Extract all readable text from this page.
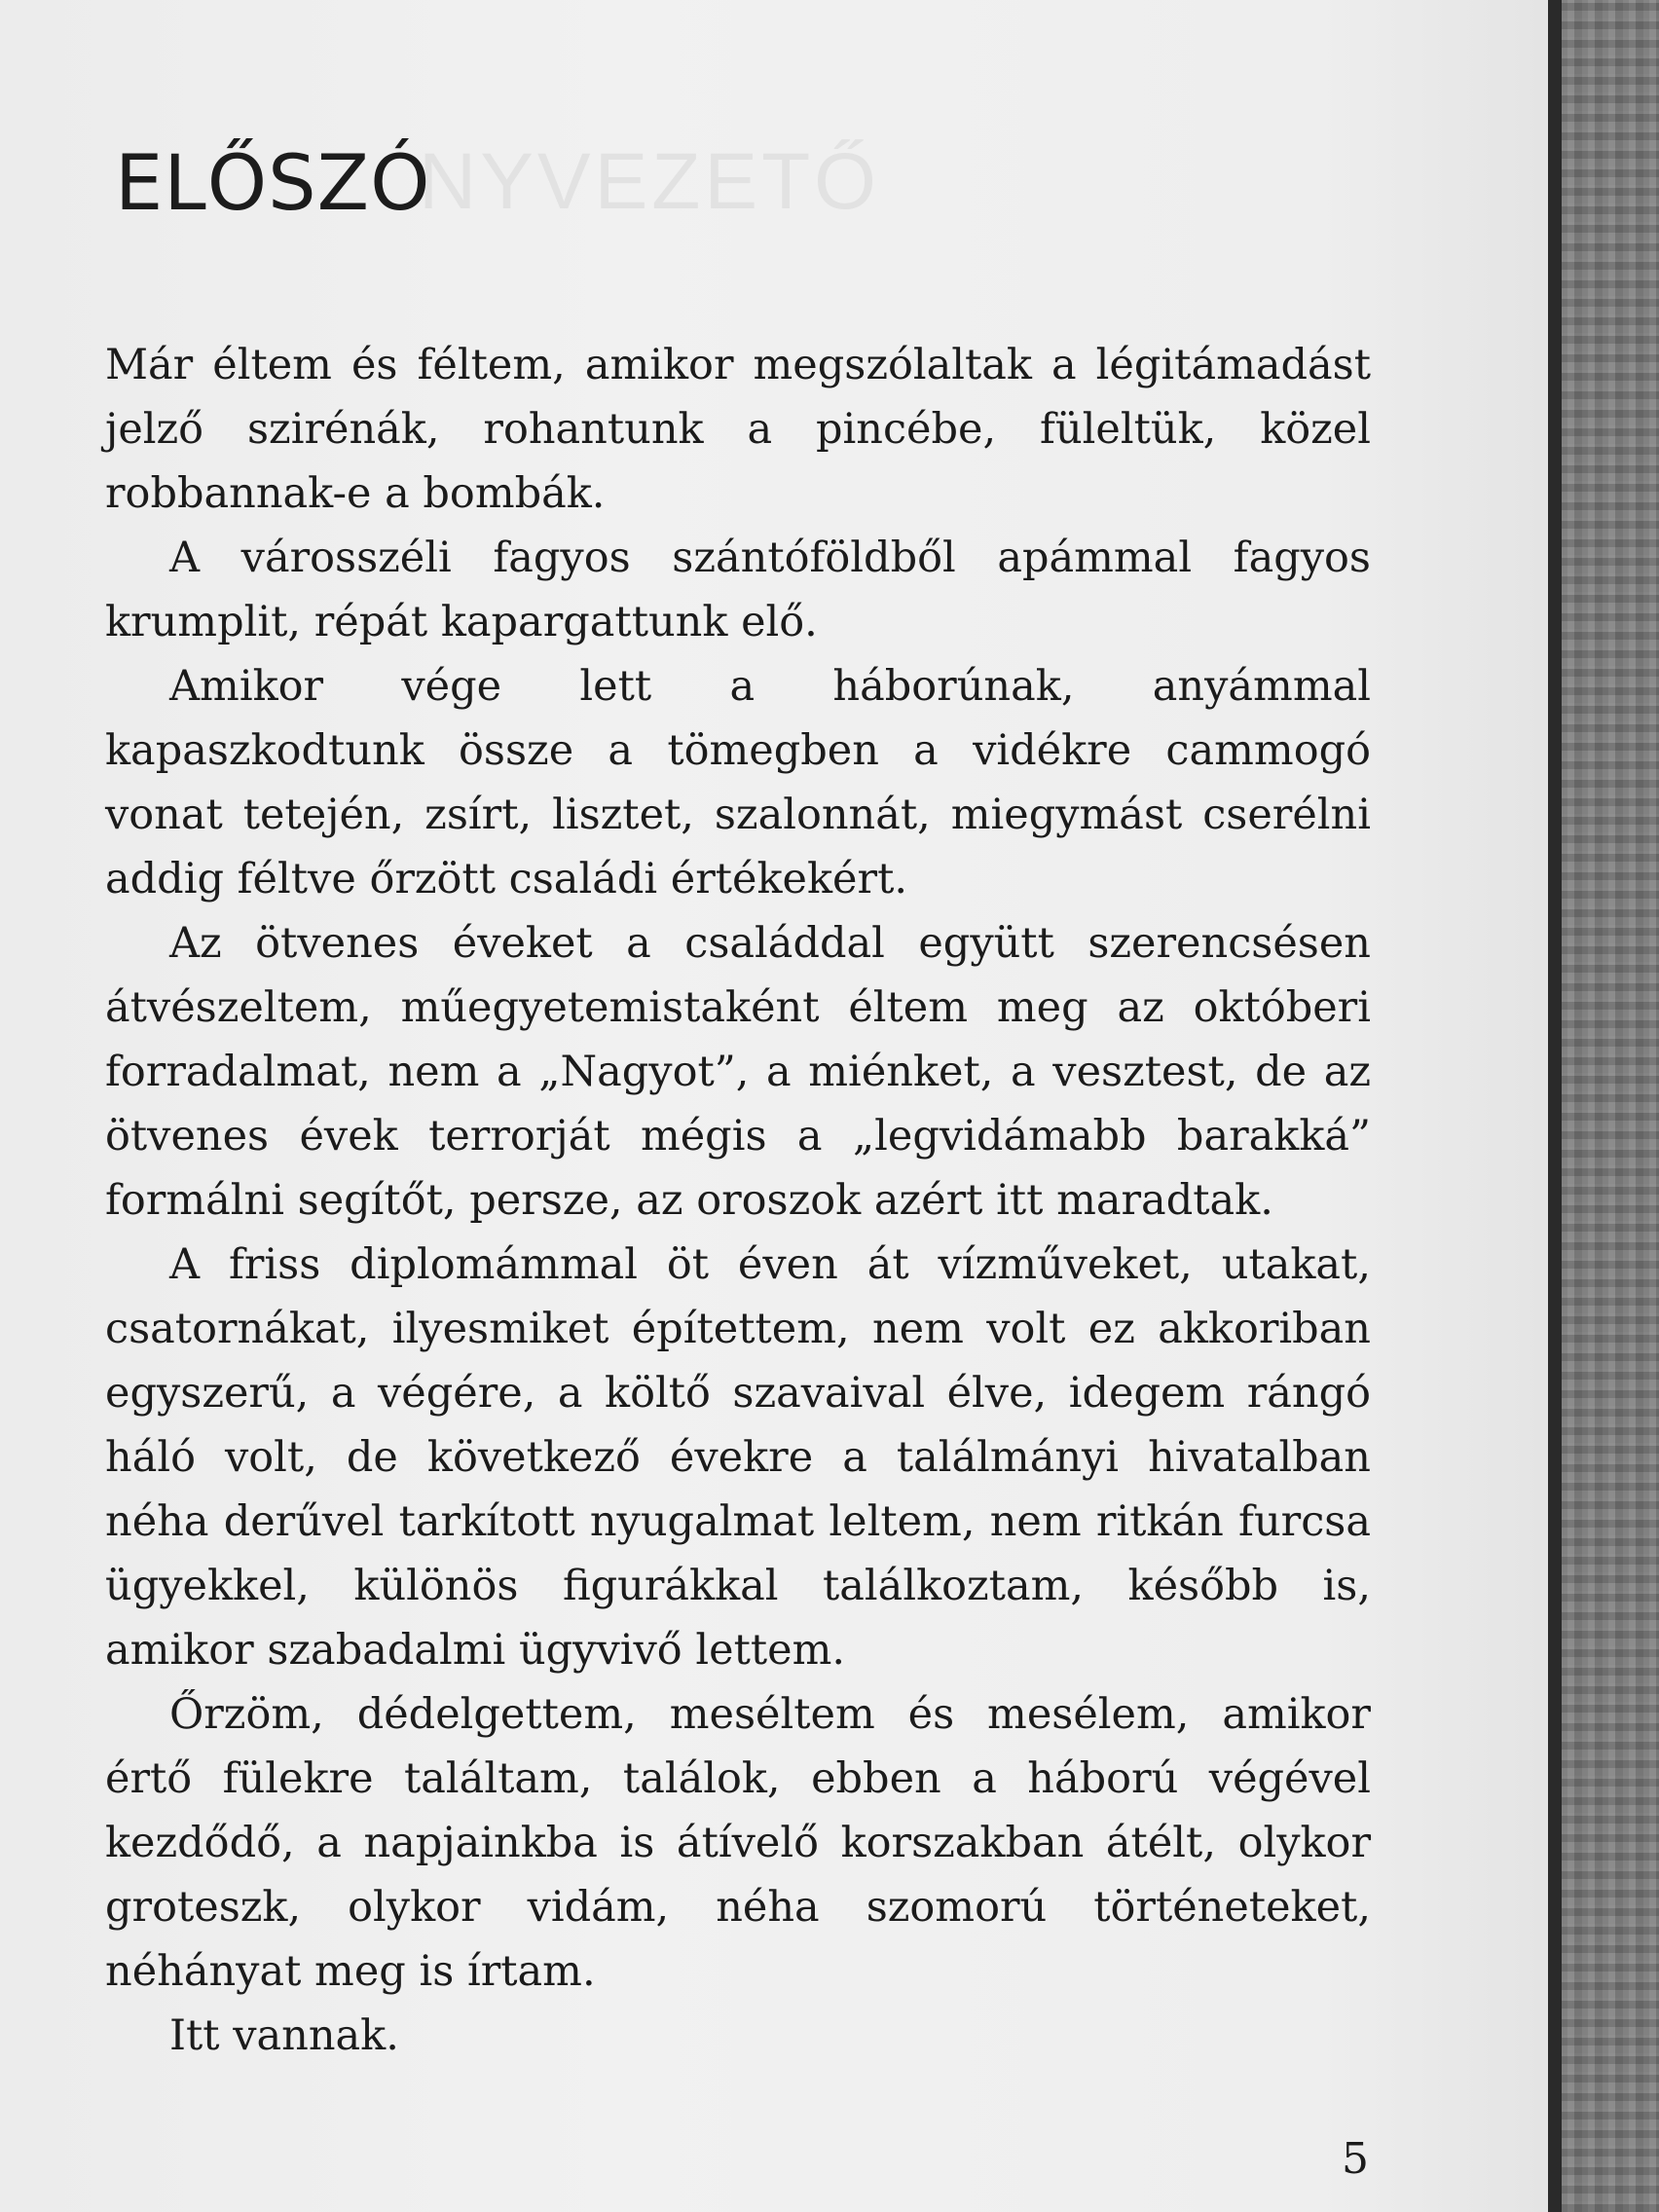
NYVEZETŐ
ELŐSZÓ

Már éltem és féltem, amikor megszólaltak a légitámadást jelző szirénák, rohantunk a pincébe, füleltük, közel robbannak-e a bombák.

A városszéli fagyos szántóföldből apámmal fagyos krumplit, répát kapargattunk elő.

Amikor vége lett a háborúnak, anyámmal kapaszkodtunk össze a tömegben a vidékre cammogó vonat tetején, zsírt, lisztet, szalonnát, miegymást cserélni addig féltve őrzött családi értékekért.

Az ötvenes éveket a családdal együtt szerencsésen átvészeltem, műegyetemistaként éltem meg az októberi forradalmat, nem a „Nagyot”, a miénket, a vesztest, de az ötvenes évek terrorját mégis a „legvidámabb barakká” formálni segítőt, persze, az oroszok azért itt maradtak.

A friss diplomámmal öt éven át vízműveket, utakat, csatornákat, ilyesmiket építettem, nem volt ez akkoriban egyszerű, a végére, a költő szavaival élve, idegem rángó háló volt, de következő évekre a találmányi hivatalban néha derűvel tarkított nyugalmat leltem, nem ritkán furcsa ügyekkel, különös figurákkal találkoztam, később is, amikor szabadalmi ügyvivő lettem.

Őrzöm, dédelgettem, meséltem és mesélem, amikor értő fülekre találtam, találok, ebben a háború végével kezdődő, a napjainkba is átívelő korszakban átélt, olykor groteszk, olykor vidám, néha szomorú történeteket, néhányat meg is írtam.

Itt vannak.

5
